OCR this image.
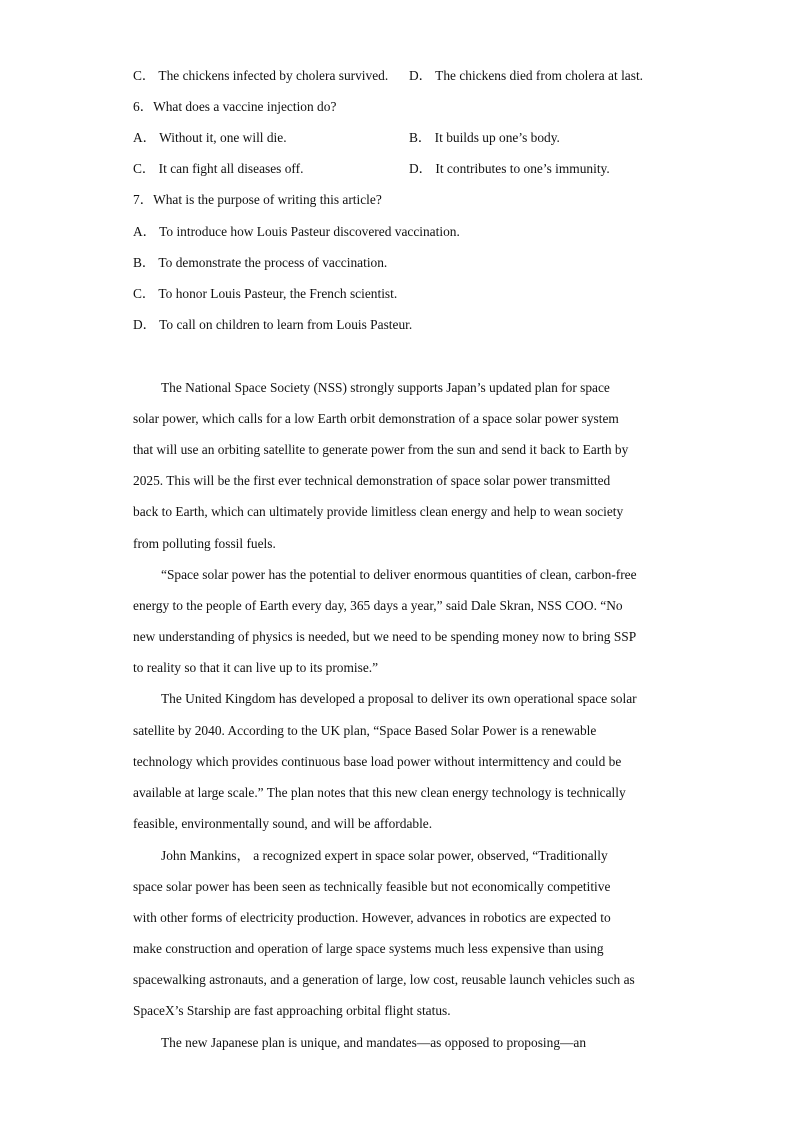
C． The chickens infected by cholera survived. D． The chickens died from cholera at last.
6．What does a vaccine injection do?
A． Without it, one will die.	B． It builds up one’s body.
C． It can fight all diseases off.	D． It contributes to one’s immunity.
7．What is the purpose of writing this article?
A． To introduce how Louis Pasteur discovered vaccination.
B． To demonstrate the process of vaccination.
C． To honor Louis Pasteur, the French scientist.
D． To call on children to learn from Louis Pasteur.
The National Space Society (NSS) strongly supports Japan’s updated plan for space
solar power, which calls for a low Earth orbit demonstration of a space solar power system
that will use an orbiting satellite to generate power from the sun and send it back to Earth by
2025. This will be the first ever technical demonstration of space solar power transmitted
back to Earth, which can ultimately provide limitless clean energy and help to wean society
from polluting fossil fuels.
“Space solar power has the potential to deliver enormous quantities of clean, carbon-free
energy to the people of Earth every day, 365 days a year,” said Dale Skran, NSS COO. “No
new understanding of physics is needed, but we need to be spending money now to bring SSP
to reality so that it can live up to its promise.”
The United Kingdom has developed a proposal to deliver its own operational space solar
satellite by 2040. According to the UK plan, “Space Based Solar Power is a renewable
technology which provides continuous base load power without intermittency and could be
available at large scale.” The plan notes that this new clean energy technology is technically
feasible, environmentally sound, and will be affordable.
John Mankins， a recognized expert in space solar power, observed, “Traditionally
space solar power has been seen as technically feasible but not economically competitive
with other forms of electricity production. However, advances in robotics are expected to
make construction and operation of large space systems much less expensive than using
spacewalking astronauts, and a generation of large, low cost, reusable launch vehicles such as
SpaceX’s Starship are fast approaching orbital flight status.
The new Japanese plan is unique, and mandates—as opposed to proposing—an
